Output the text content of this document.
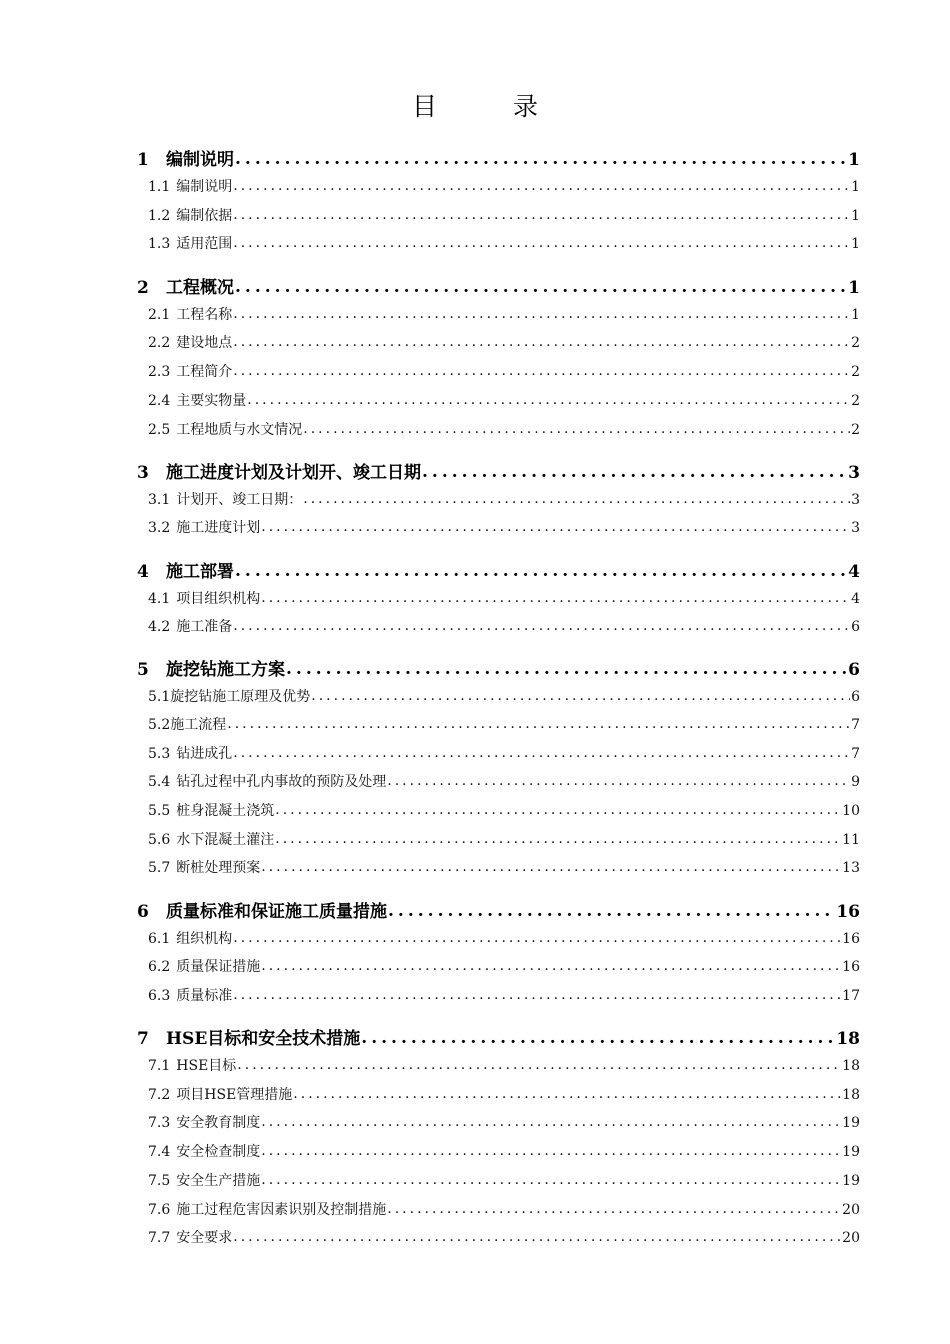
目 录
1	编制说明 .....	1
1.1 编制说明 .....	1
1.2 编制依据 .....	1
1.3 适用范围 .....	1
2	工程概况 .....	1
2.1 工程名称 .....	1
2.2 建设地点 .....	2
2.3 工程简介 .....	2
2.4 主要实物量 .....	2
2.5 工程地质与水文情况 .....	2
3	施工进度计划及计划开、竣工日期 .....	3
3.1 计划开、竣工日期： .....	3
3.2 施工进度计划 .....	3
4	施工部署 .....	4
4.1 项目组织机构 .....	4
4.2 施工准备 .....	6
5	旋挖钻施工方案 .....	6
5.1 旋挖钻施工原理及优势 .....	6
5.2 施工流程 .....	7
5.3 钻进成孔 .....	7
5.4 钻孔过程中孔内事故的预防及处理 .....	9
5.5 桩身混凝土浇筑 .....	10
5.6 水下混凝土灌注 .....	11
5.7 断桩处理预案 .....	13
6	质量标准和保证施工质量措施 .....	16
6.1 组织机构 .....	16
6.2 质量保证措施 .....	16
6.3 质量标准 .....	17
7	HSE目标和安全技术措施 .....	18
7.1 HSE目标 .....	18
7.2 项目HSE管理措施 .....	18
7.3 安全教育制度 .....	19
7.4 安全检查制度 .....	19
7.5 安全生产措施 .....	19
7.6 施工过程危害因素识别及控制措施 .....	20
7.7 安全要求 .....	20
